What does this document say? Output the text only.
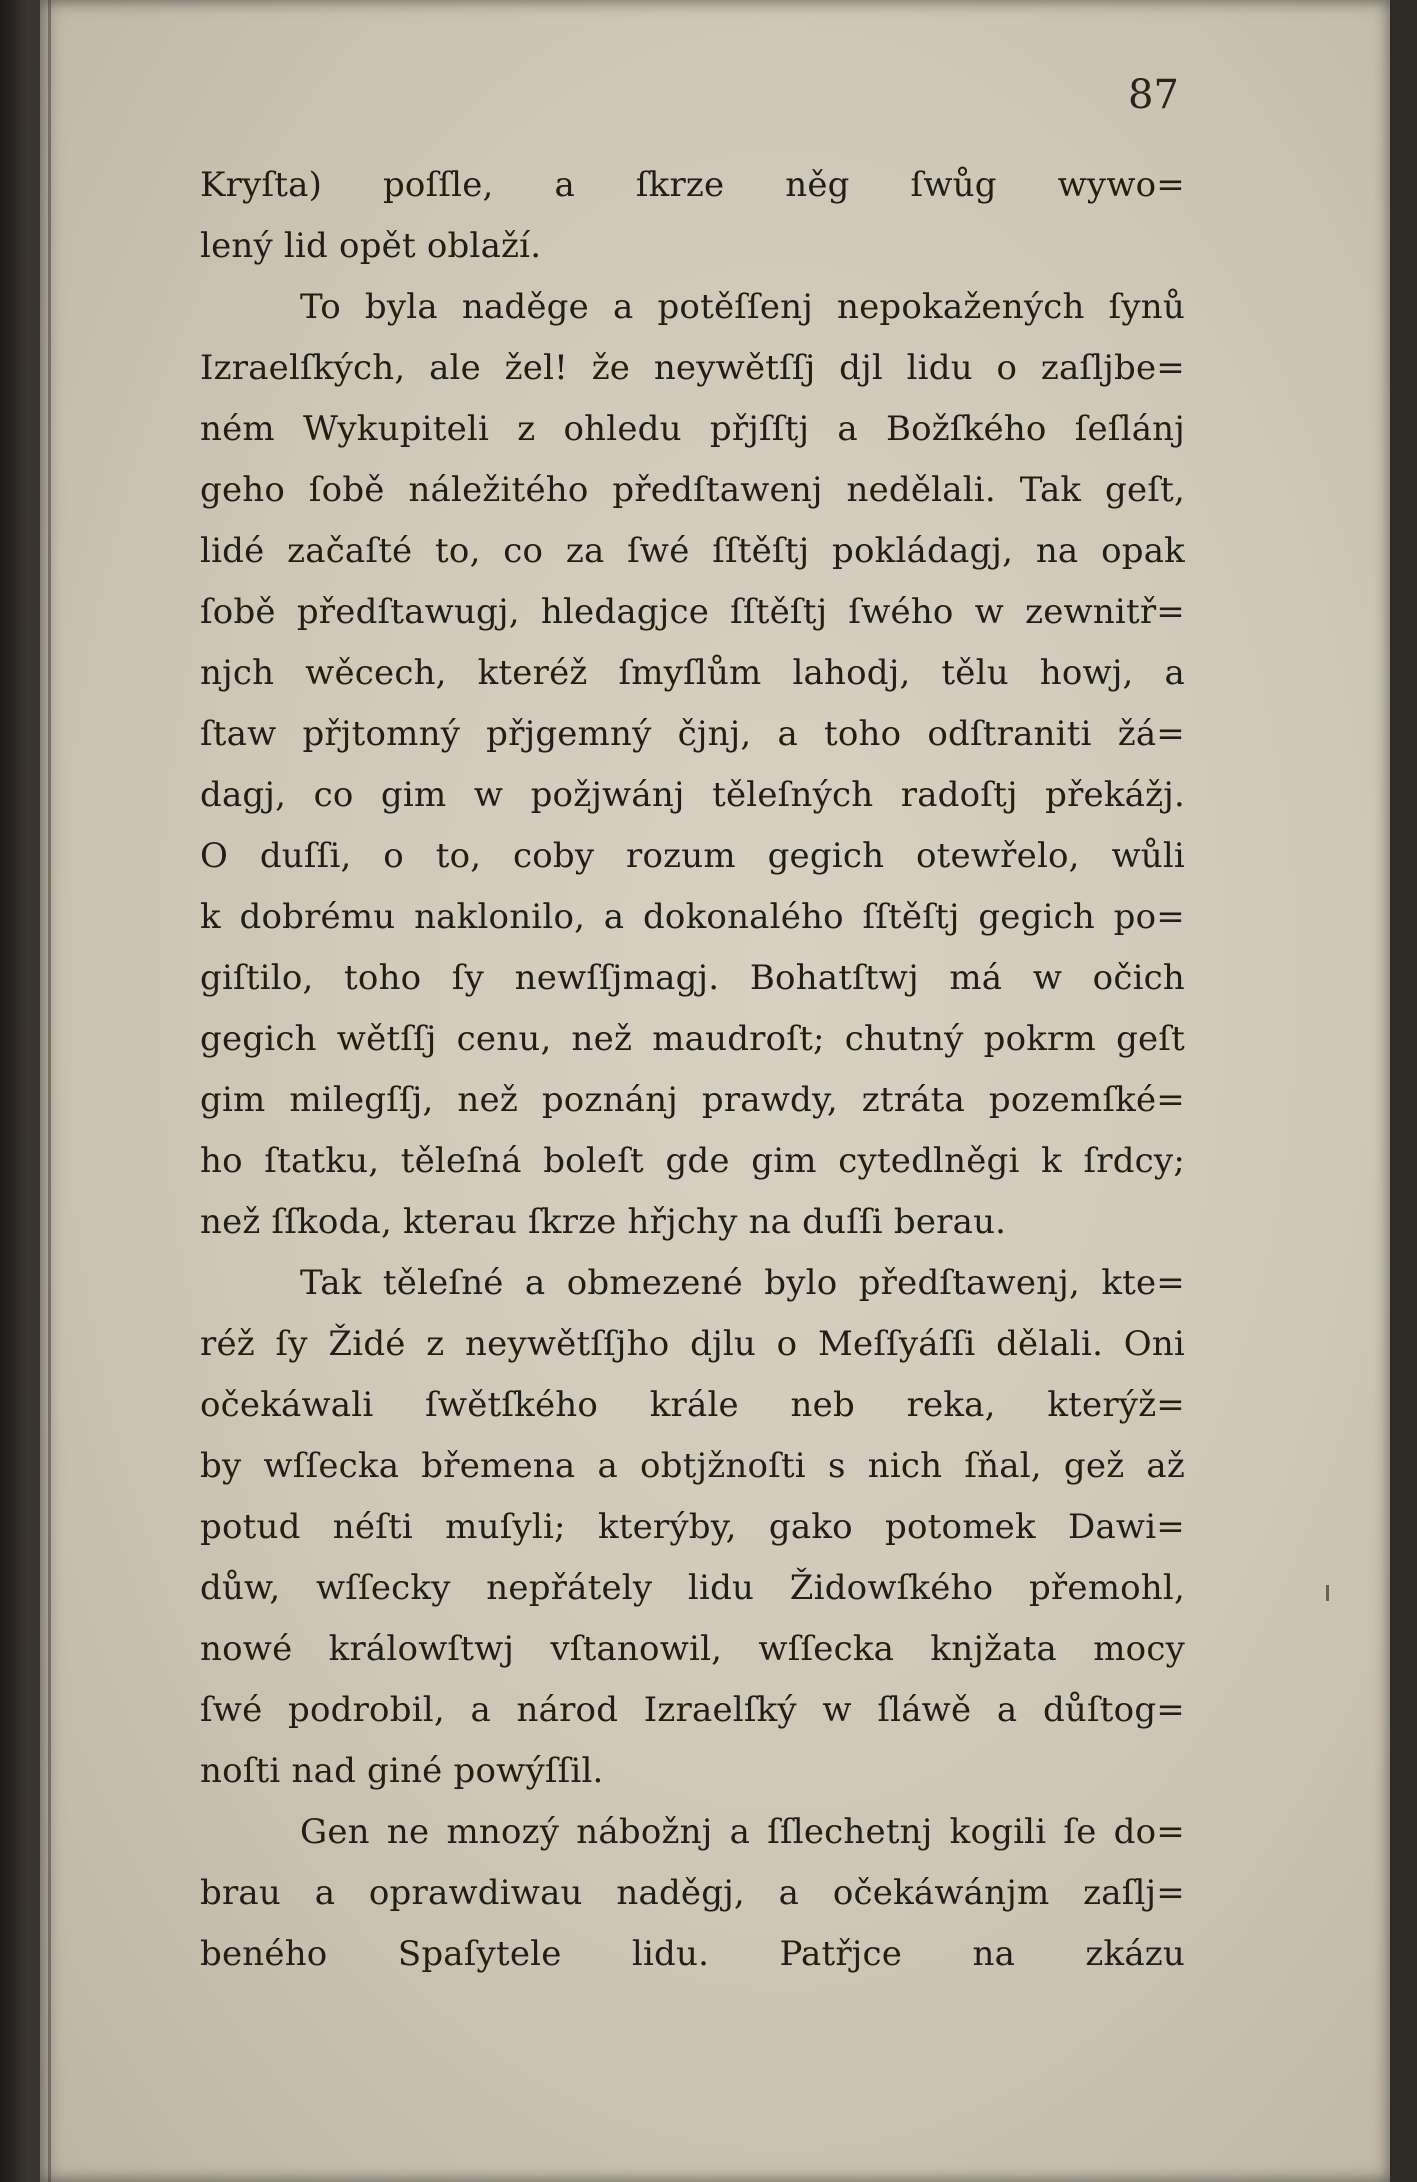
87
Kryſta) poſſle, a ſkrze něg ſwůg wywo=
lený lid opět oblaží.
To byla naděge a potěſſenj nepokažených ſynů
Izraelſkých, ale žel! že neywětſſj djl lidu o zaſljbe=
ném Wykupiteli z ohledu přjſſtj a Božſkého ſeſlánj
geho ſobě náležitého předſtawenj nedělali. Tak geſt,
lidé začaſté to, co za ſwé ſſtěſtj pokládagj, na opak
ſobě předſtawugj, hledagjce ſſtěſtj ſwého w zewnitř=
njch wěcech, kteréž ſmyſlům lahodj, tělu howj, a
ſtaw přjtomný přjgemný čjnj, a toho odſtraniti žá=
dagj, co gim w požjwánj těleſných radoſtj překážj.
O duſſi, o to, coby rozum gegich otewřelo, wůli
k dobrému naklonilo, a dokonalého ſſtěſtj gegich po=
giſtilo, toho ſy newſſjmagj. Bohatſtwj má w očich
gegich wětſſj cenu, než maudroſt; chutný pokrm geſt
gim milegſſj, než poznánj prawdy, ztráta pozemſké=
ho ſtatku, těleſná boleſt gde gim cytedlněgi k ſrdcy;
než ſſkoda, kterau ſkrze hřjchy na duſſi berau.
Tak těleſné a obmezené bylo předſtawenj, kte=
réž ſy Židé z neywětſſjho djlu o Meſſyáſſi dělali. Oni
očekáwali ſwětſkého krále neb reka, kterýž=
by wſſecka břemena a obtjžnoſti s nich ſňal, gež až
potud néſti muſyli; kterýby, gako potomek Dawi=
důw, wſſecky nepřátely lidu Židowſkého přemohl,
nowé králowſtwj vſtanowil, wſſecka knjžata mocy
ſwé podrobil, a národ Izraelſký w ſláwě a důſtog=
noſti nad giné powýſſil.
Gen ne mnozý nábožnj a ſſlechetnj kogili ſe do=
brau a oprawdiwau naděgj, a očekáwánjm zaſlj=
beného Spaſytele lidu. Patřjce na zkázu
